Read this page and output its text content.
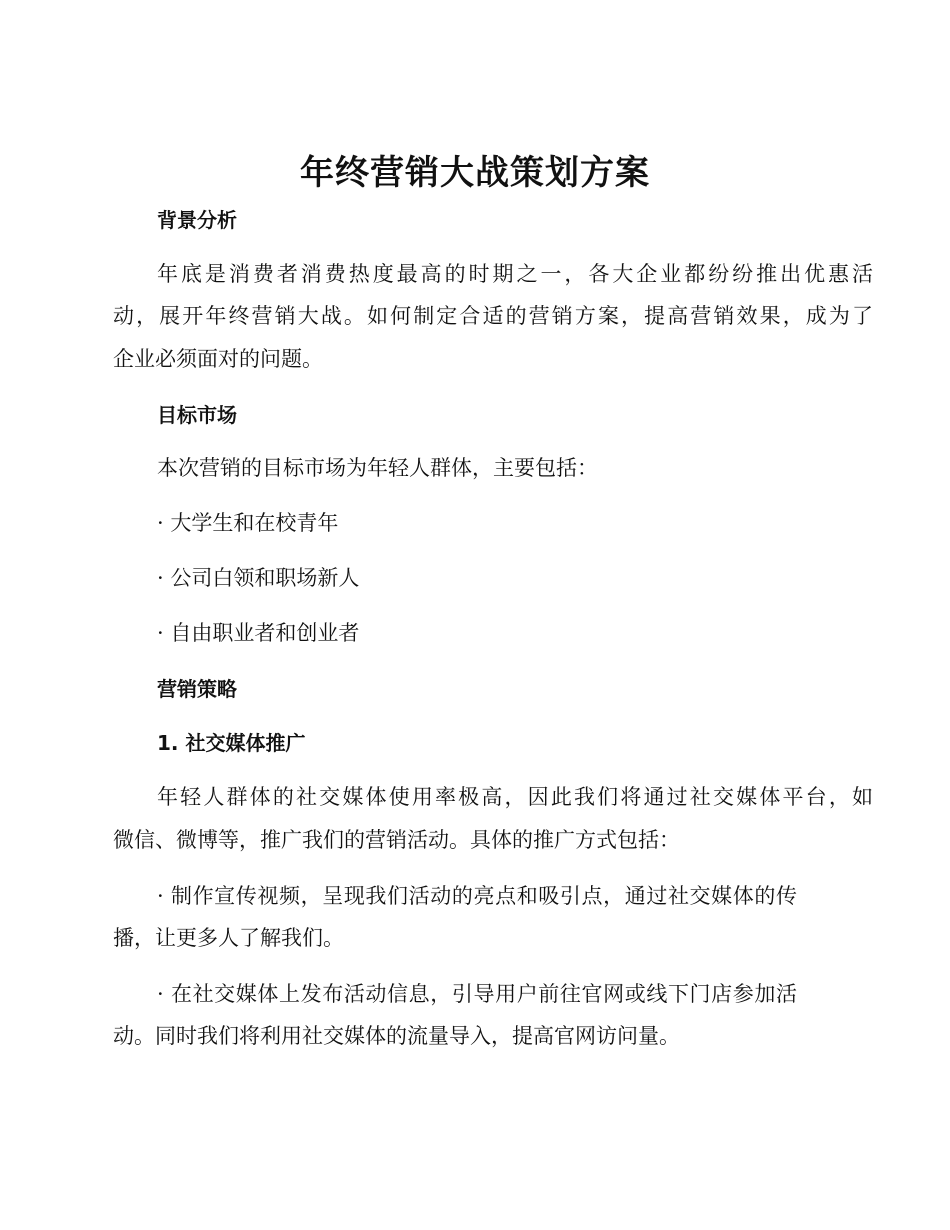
年终营销大战策划方案
背景分析
年底是消费者消费热度最高的时期之一，各大企业都纷纷推出优惠活
动，展开年终营销大战。如何制定合适的营销方案，提高营销效果，成为了
企业必须面对的问题。
目标市场
本次营销的目标市场为年轻人群体，主要包括：
· 大学生和在校青年
· 公司白领和职场新人
· 自由职业者和创业者
营销策略
1. 社交媒体推广
年轻人群体的社交媒体使用率极高，因此我们将通过社交媒体平台，如
微信、微博等，推广我们的营销活动。具体的推广方式包括：
· 制作宣传视频，呈现我们活动的亮点和吸引点，通过社交媒体的传
播，让更多人了解我们。
· 在社交媒体上发布活动信息，引导用户前往官网或线下门店参加活
动。同时我们将利用社交媒体的流量导入，提高官网访问量。
